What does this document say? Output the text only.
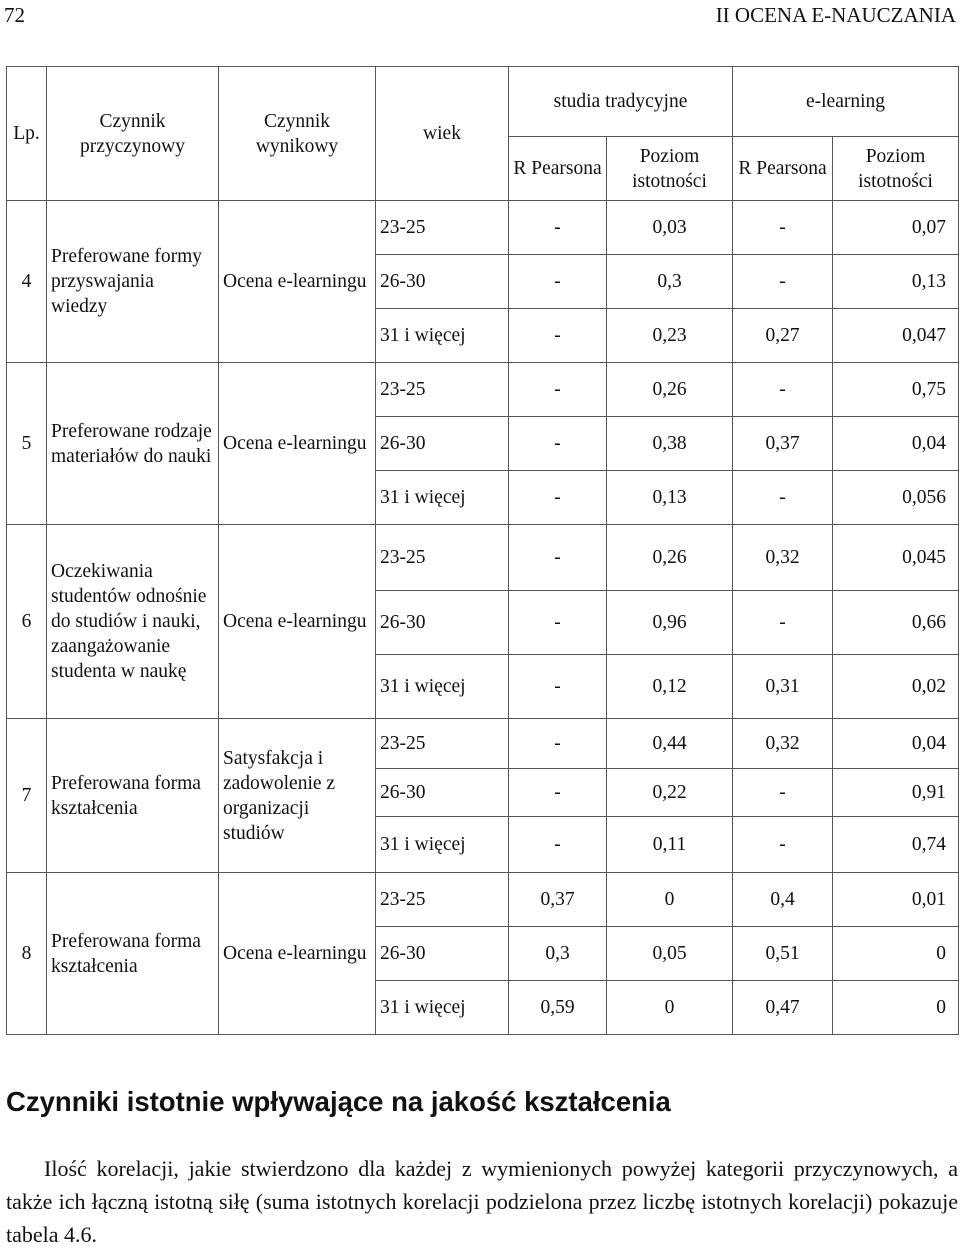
72	II OCENA E-NAUCZANIA
Lp.	Czynnik przyczynowy	Czynnik wynikowy	wiek	studia tradycyjne		e-learning	
				R Pearsona	Poziom istotności	R Pearsona	Poziom istotności
4	Preferowane formy przyswajania wiedzy	Ocena e-learningu	23-25	-	0,03	-	0,07
			26-30	-	0,3	-	0,13
			31 i więcej	-	0,23	0,27	0,047
5	Preferowane rodzaje materiałów do nauki	Ocena e-learningu	23-25	-	0,26	-	0,75
			26-30	-	0,38	0,37	0,04
			31 i więcej	-	0,13	-	0,056
6	Oczekiwania studentów odnośnie do studiów i nauki, zaangażowanie studenta w naukę	Ocena e-learningu	23-25	-	0,26	0,32	0,045
			26-30	-	0,96	-	0,66
			31 i więcej	-	0,12	0,31	0,02
7	Preferowana forma kształcenia	Satysfakcja i zadowolenie z organizacji studiów	23-25	-	0,44	0,32	0,04
			26-30	-	0,22	-	0,91
			31 i więcej	-	0,11	-	0,74
8	Preferowana forma kształcenia	Ocena e-learningu	23-25	0,37	0	0,4	0,01
			26-30	0,3	0,05	0,51	0
			31 i więcej	0,59	0	0,47	0
Czynniki istotnie wpływające na jakość kształcenia

Ilość korelacji, jakie stwierdzono dla każdej z wymienionych powyżej kategorii przyczynowych, a także ich łączną istotną siłę (suma istotnych korelacji podzielona przez liczbę istotnych korelacji) pokazuje tabela 4.6.
